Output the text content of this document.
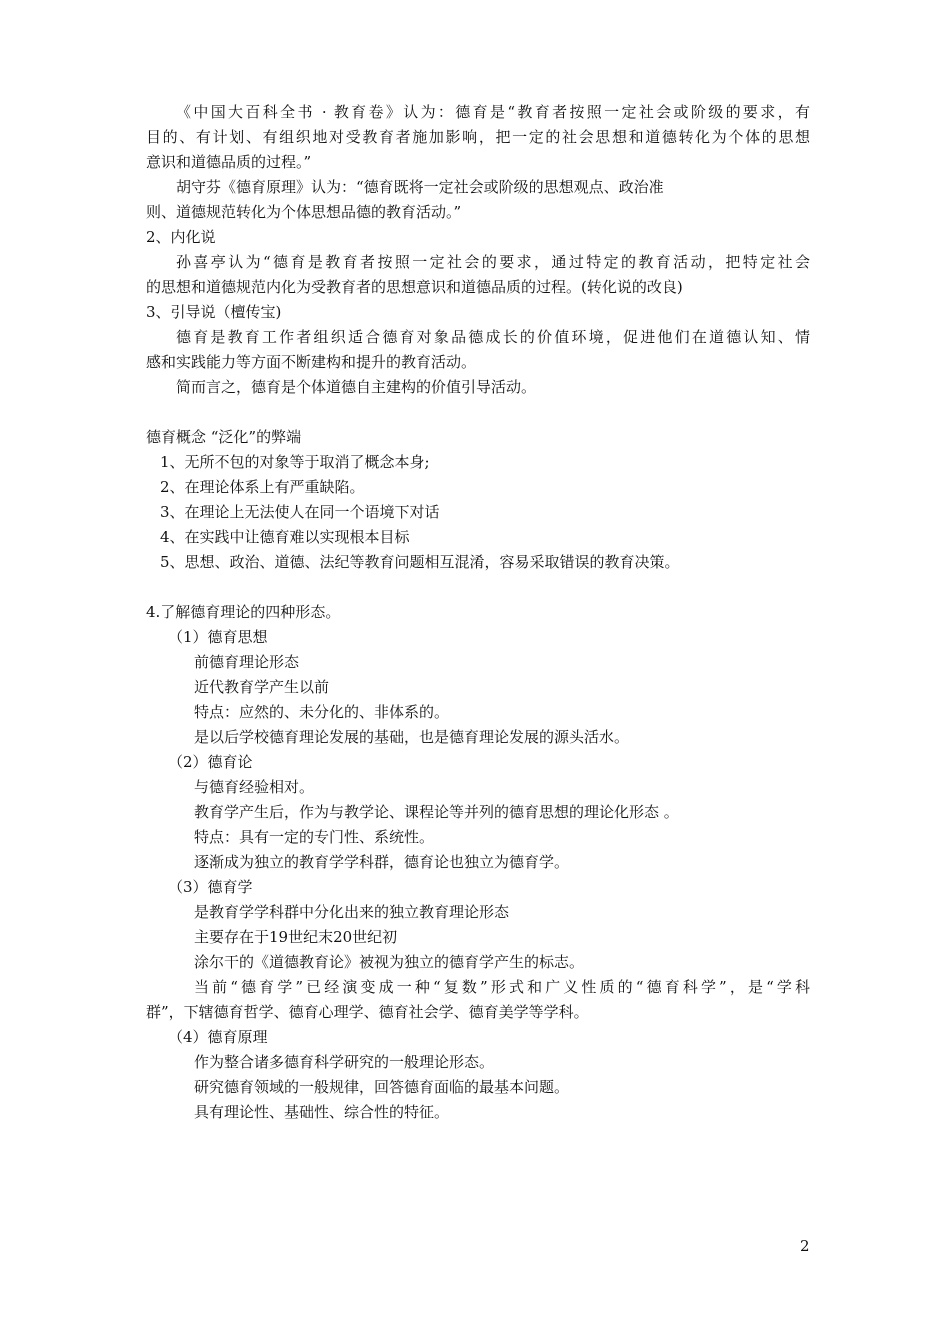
《中国大百科全书 · 教育卷》认为：德育是“教育者按照一定社会或阶级的要求，有
目的、有计划、有组织地对受教育者施加影响，把一定的社会思想和道德转化为个体的思想
意识和道德品质的过程。”
胡守芬《德育原理》认为：“德育既将一定社会或阶级的思想观点、政治准
则、道德规范转化为个体思想品德的教育活动。”
2、内化说
孙喜亭认为“德育是教育者按照一定社会的要求，通过特定的教育活动，把特定社会
的思想和道德规范内化为受教育者的思想意识和道德品质的过程。(转化说的改良)
3、引导说（檀传宝)
德育是教育工作者组织适合德育对象品德成长的价值环境，促进他们在道德认知、情
感和实践能力等方面不断建构和提升的教育活动。
简而言之，德育是个体道德自主建构的价值引导活动。
德育概念 “泛化”的弊端
1、无所不包的对象等于取消了概念本身;
2、在理论体系上有严重缺陷。
3、在理论上无法使人在同一个语境下对话
4、在实践中让德育难以实现根本目标
5、思想、政治、道德、法纪等教育问题相互混淆，容易采取错误的教育决策。
4.了解德育理论的四种形态。
（1）德育思想
前德育理论形态
近代教育学产生以前
特点：应然的、未分化的、非体系的。
是以后学校德育理论发展的基础，也是德育理论发展的源头活水。
（2）德育论
与德育经验相对。
教育学产生后，作为与教学论、课程论等并列的德育思想的理论化形态 。
特点：具有一定的专门性、系统性。
逐渐成为独立的教育学学科群，德育论也独立为德育学。
（3）德育学
是教育学学科群中分化出来的独立教育理论形态
主要存在于19世纪末20世纪初
涂尔干的《道德教育论》被视为独立的德育学产生的标志。
当前“德育学”已经演变成一种“复数”形式和广义性质的“德育科学”，是“学科
群”，下辖德育哲学、德育心理学、德育社会学、德育美学等学科。
（4）德育原理
作为整合诸多德育科学研究的一般理论形态。
研究德育领域的一般规律，回答德育面临的最基本问题。
具有理论性、基础性、综合性的特征。
2
